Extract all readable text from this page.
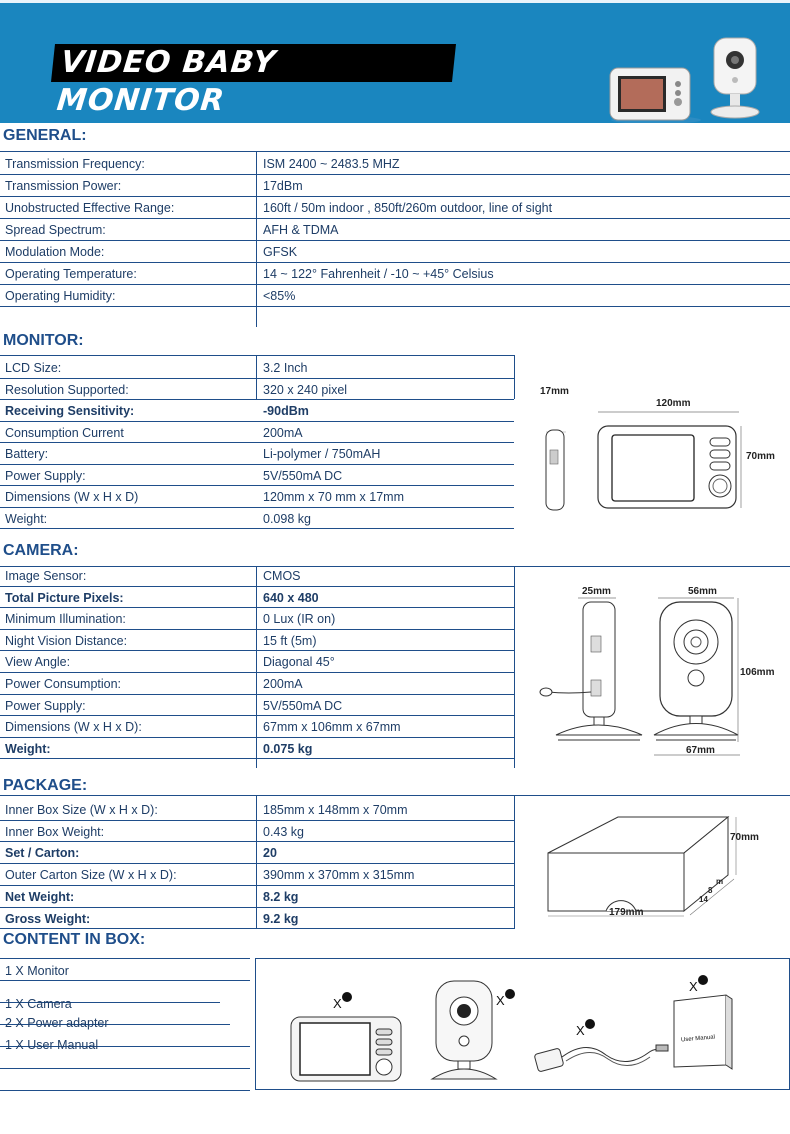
VIDEO BABY MONITOR
GENERAL:
Transmission Frequency:	ISM 2400 ~ 2483.5 MHZ
Transmission Power:	17dBm
Unobstructed Effective Range:	160ft / 50m indoor , 850ft/260m outdoor, line of sight
Spread Spectrum:	AFH & TDMA
Modulation Mode:	GFSK
Operating Temperature:	14 ~ 122° Fahrenheit / -10 ~ +45° Celsius
Operating Humidity:	<85%
MONITOR:
LCD Size:	3.2 Inch
Resolution Supported:	320 x 240 pixel
Receiving Sensitivity:	-90dBm
Consumption Current	200mA
Battery:	Li-polymer / 750mAH
Power Supply:	5V/550mA DC
Dimensions (W x H x D)	120mm x 70 mm x 17mm
Weight:	0.098 kg
17mm
120mm
70mm
CAMERA:
Image Sensor:	CMOS
Total Picture Pixels:	640 x 480
Minimum Illumination:	0 Lux (IR on)
Night Vision Distance:	15 ft (5m)
View Angle:	Diagonal 45°
Power Consumption:	200mA
Power Supply:	5V/550mA DC
Dimensions (W x H x D):	67mm x 106mm x 67mm
Weight:	0.075 kg
25mm	56mm
106mm
67mm
PACKAGE:
Inner Box Size (W x H x D):	185mm x 148mm x 70mm
Inner Box Weight:	0.43 kg
Set / Carton:	20
Outer Carton Size (W x H x D):	390mm x 370mm x 315mm
Net Weight:	8.2 kg
Gross Weight:	9.2 kg
70mm
179mm
m
8
14
CONTENT IN BOX:
1 X Monitor
1 X Camera
2 X Power adapter
1 X User Manual
X	X
X
X
User Manual
